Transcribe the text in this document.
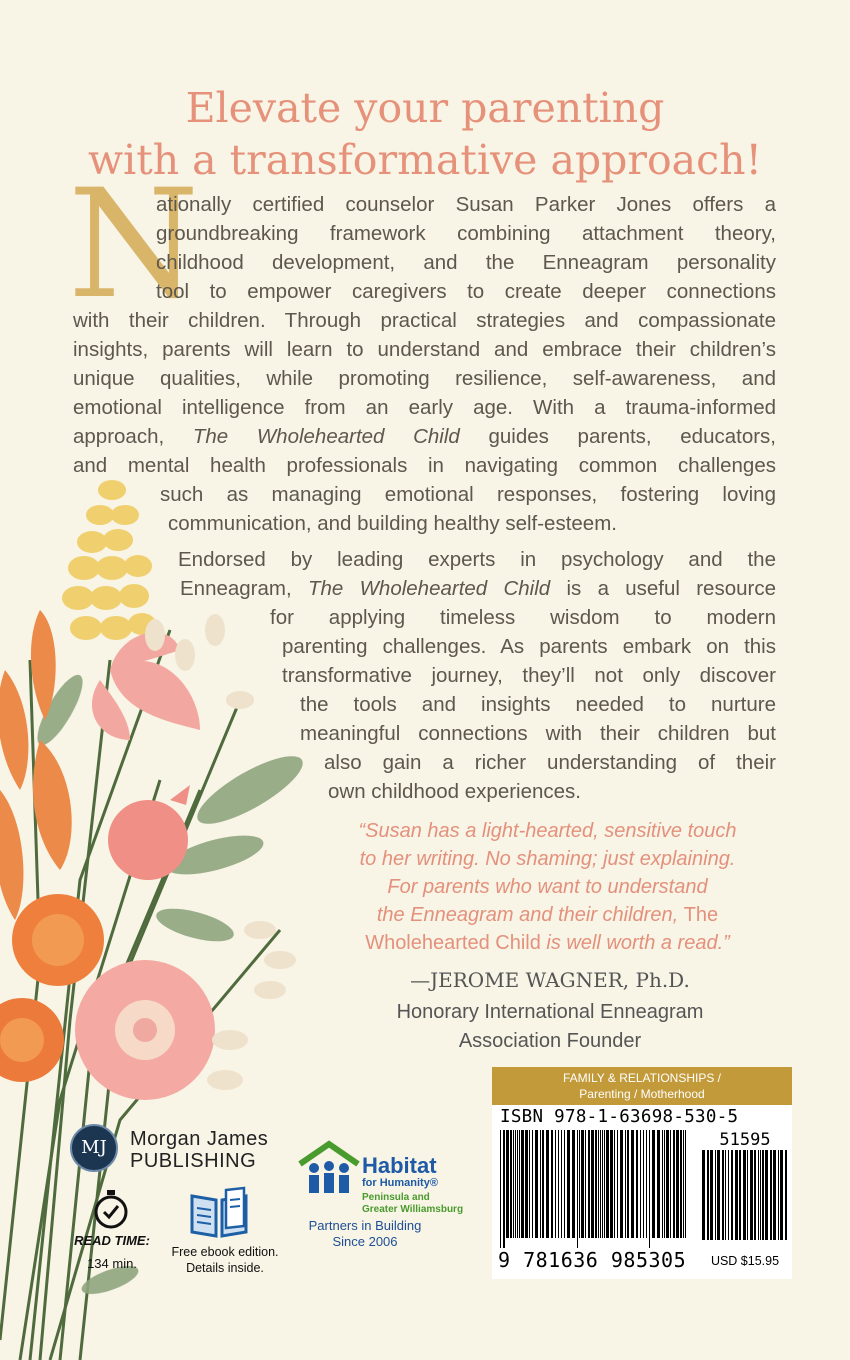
Elevate your parenting
with a transformative approach!
N
ationally certified counselor Susan Parker Jones offers a
groundbreaking framework combining attachment theory,
childhood development, and the Enneagram personality
tool to empower caregivers to create deeper connections
with their children. Through practical strategies and compassionate
insights, parents will learn to understand and embrace their children’s
unique qualities, while promoting resilience, self-awareness, and
emotional intelligence from an early age. With a trauma-informed
approach, The Wholehearted Child guides parents, educators,
and mental health professionals in navigating common challenges
such as managing emotional responses, fostering loving
communication, and building healthy self-esteem.
Endorsed by leading experts in psychology and the
Enneagram, The Wholehearted Child is a useful resource
for applying timeless wisdom to modern
parenting challenges. As parents embark on this
transformative journey, they’ll not only discover
the tools and insights needed to nurture
meaningful connections with their children but
also gain a richer understanding of their
own childhood experiences.
“Susan has a light-hearted, sensitive touch
to her writing. No shaming; just explaining.
For parents who want to understand
the Enneagram and their children, The
Wholehearted Child is well worth a read.”
—JEROME WAGNER, Ph.D.
Honorary International Enneagram
Association Founder
FAMILY & RELATIONSHIPS /
Parenting / Motherhood
ISBN 978-1-63698-530-5
51595
9 781636 985305	USD $15.95
MJ	Morgan James
PUBLISHING
READ TIME:
134 min.
Free ebook edition.
Details inside.
Habitat
for Humanity®
Peninsula and
Greater Williamsburg
Partners in Building
Since 2006
